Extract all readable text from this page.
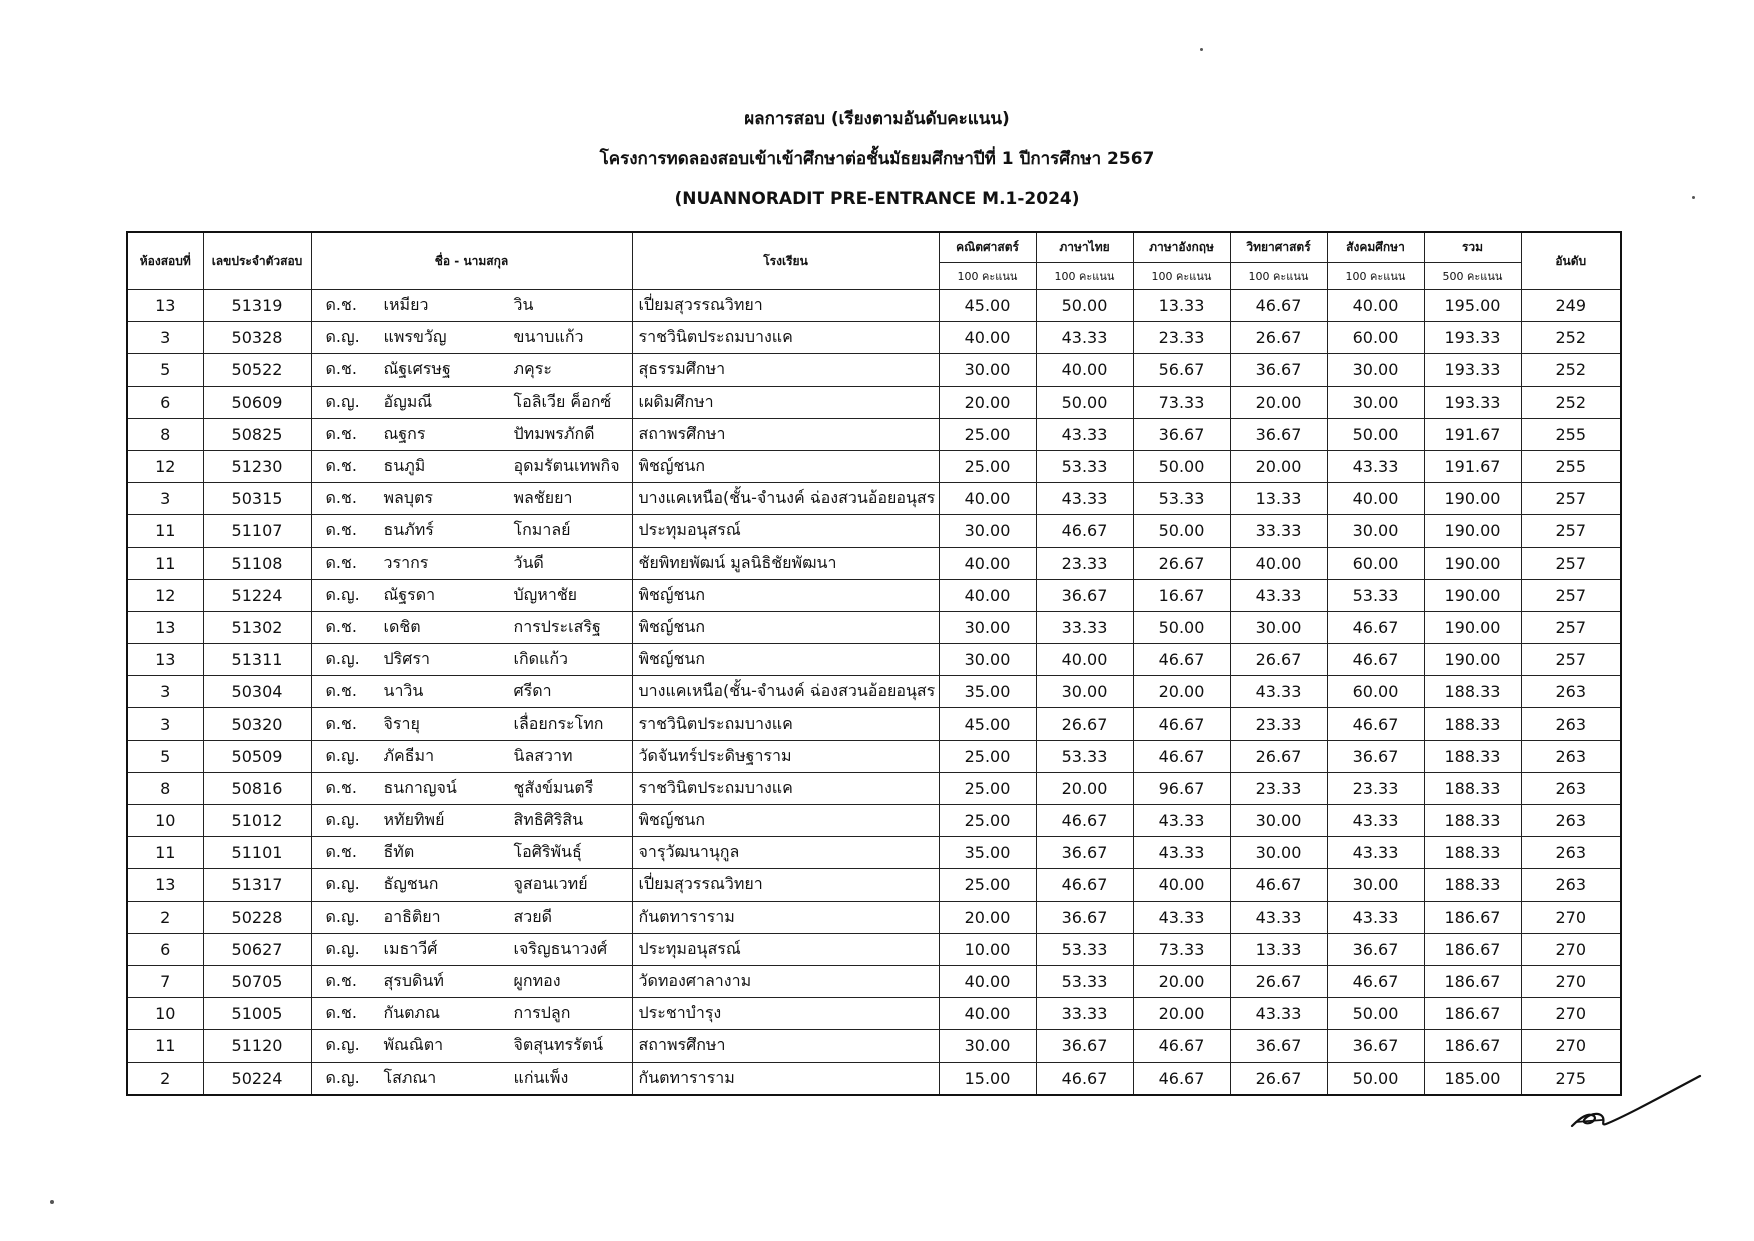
ผลการสอบ (เรียงตามอันดับคะแนน)
โครงการทดลองสอบเข้าเข้าศึกษาต่อชั้นมัธยมศึกษาปีที่ 1 ปีการศึกษา 2567
(NUANNORADIT PRE-ENTRANCE M.1-2024)
ห้องสอบที่	เลขประจำตัวสอบ	ชื่อ - นามสกุล	โรงเรียน	คณิตศาสตร์	ภาษาไทย	ภาษาอังกฤษ	วิทยาศาสตร์	สังคมศึกษา	รวม	อันดับ
				100 คะแนน	100 คะแนน	100 คะแนน	100 คะแนน	100 คะแนน	500 คะแนน	
13	51319	ด.ช. เหมียว วิน	เปี่ยมสุวรรณวิทยา	45.00	50.00	13.33	46.67	40.00	195.00	249
3	50328	ด.ญ. แพรขวัญ ขนาบแก้ว	ราชวินิตประถมบางแค	40.00	43.33	23.33	26.67	60.00	193.33	252
5	50522	ด.ช. ณัฐเศรษฐ ภคุระ	สุธรรมศึกษา	30.00	40.00	56.67	36.67	30.00	193.33	252
6	50609	ด.ญ. อัญมณี โอลิเวีย ค็อกซ์	เผดิมศึกษา	20.00	50.00	73.33	20.00	30.00	193.33	252
8	50825	ด.ช. ณฐกร ปัทมพรภักดี	สถาพรศึกษา	25.00	43.33	36.67	36.67	50.00	191.67	255
12	51230	ด.ช. ธนภูมิ อุดมรัตนเทพกิจ	พิชญ์ชนก	25.00	53.33	50.00	20.00	43.33	191.67	255
3	50315	ด.ช. พลบุตร พลชัยยา	บางแคเหนือ(ชั้น-จำนงค์ ฉ่องสวนอ้อยอนุสร	40.00	43.33	53.33	13.33	40.00	190.00	257
11	51107	ด.ช. ธนภัทร์ โกมาลย์	ประทุมอนุสรณ์	30.00	46.67	50.00	33.33	30.00	190.00	257
11	51108	ด.ช. วรากร วันดี	ชัยพิทยพัฒน์ มูลนิธิชัยพัฒนา	40.00	23.33	26.67	40.00	60.00	190.00	257
12	51224	ด.ญ. ณัฐรดา บัญหาชัย	พิชญ์ชนก	40.00	36.67	16.67	43.33	53.33	190.00	257
13	51302	ด.ช. เดชิต การประเสริฐ	พิชญ์ชนก	30.00	33.33	50.00	30.00	46.67	190.00	257
13	51311	ด.ญ. ปริศรา เกิดแก้ว	พิชญ์ชนก	30.00	40.00	46.67	26.67	46.67	190.00	257
3	50304	ด.ช. นาวิน ศรีดา	บางแคเหนือ(ชั้น-จำนงค์ ฉ่องสวนอ้อยอนุสร	35.00	30.00	20.00	43.33	60.00	188.33	263
3	50320	ด.ช. จิรายุ เลื่อยกระโทก	ราชวินิตประถมบางแค	45.00	26.67	46.67	23.33	46.67	188.33	263
5	50509	ด.ญ. ภัคธีมา นิลสวาท	วัดจันทร์ประดิษฐาราม	25.00	53.33	46.67	26.67	36.67	188.33	263
8	50816	ด.ช. ธนกาญจน์ ชูสังข์มนตรี	ราชวินิตประถมบางแค	25.00	20.00	96.67	23.33	23.33	188.33	263
10	51012	ด.ญ. หทัยทิพย์ สิทธิศิริสิน	พิชญ์ชนก	25.00	46.67	43.33	30.00	43.33	188.33	263
11	51101	ด.ช. ธีทัต โอศิริพันธุ์	จารุวัฒนานุกูล	35.00	36.67	43.33	30.00	43.33	188.33	263
13	51317	ด.ญ. ธัญชนก จูสอนเวทย์	เปี่ยมสุวรรณวิทยา	25.00	46.67	40.00	46.67	30.00	188.33	263
2	50228	ด.ญ. อาธิติยา สวยดี	กันตทาราราม	20.00	36.67	43.33	43.33	43.33	186.67	270
6	50627	ด.ญ. เมธาวีศ์ เจริญธนาวงศ์	ประทุมอนุสรณ์	10.00	53.33	73.33	13.33	36.67	186.67	270
7	50705	ด.ช. สุรบดินท์ ผูกทอง	วัดทองศาลางาม	40.00	53.33	20.00	26.67	46.67	186.67	270
10	51005	ด.ช. กันตภณ การปลูก	ประชาบำรุง	40.00	33.33	20.00	43.33	50.00	186.67	270
11	51120	ด.ญ. พัณณิตา จิตสุนทรรัตน์	สถาพรศึกษา	30.00	36.67	46.67	36.67	36.67	186.67	270
2	50224	ด.ญ. โสภณา แก่นเพ็ง	กันตทาราราม	15.00	46.67	46.67	26.67	50.00	185.00	275
